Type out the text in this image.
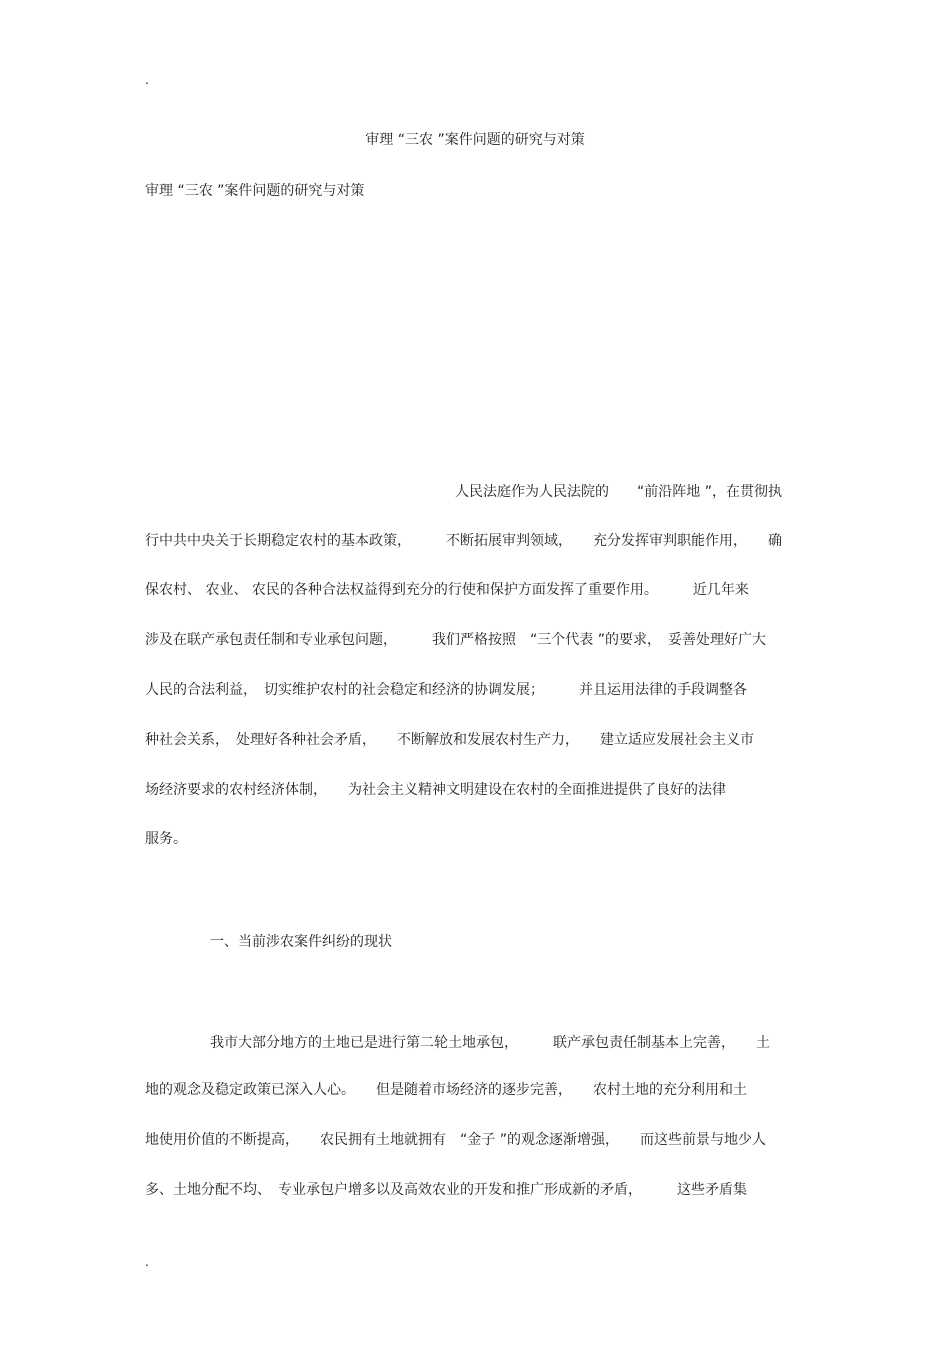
.
审理 “三农 ”案件问题的研究与对策
审理 “三农 ”案件问题的研究与对策
人民法庭作为人民法院的　　“前沿阵地 ”，在贯彻执
行中共中央关于长期稳定农村的基本政策，　　　不断拓展审判领域，　　充分发挥审判职能作用，　　确
保农村、 农业、 农民的各种合法权益得到充分的行使和保护方面发挥了重要作用。　　　近几年来
涉及在联产承包责任制和专业承包问题，　　　我们严格按照　“三个代表 ”的要求，　妥善处理好广大
人民的合法利益，　切实维护农村的社会稳定和经济的协调发展；　　　并且运用法律的手段调整各
种社会关系，　处理好各种社会矛盾，　　不断解放和发展农村生产力，　　建立适应发展社会主义市
场经济要求的农村经济体制，　　为社会主义精神文明建设在农村的全面推进提供了良好的法律
服务。
一、当前涉农案件纠纷的现状
我市大部分地方的土地已是进行第二轮土地承包，　　　联产承包责任制基本上完善，　　土
地的观念及稳定政策已深入人心。　　但是随着市场经济的逐步完善，　　农村土地的充分利用和土
地使用价值的不断提高，　　农民拥有土地就拥有　“金子 ”的观念逐渐增强，　　而这些前景与地少人
多、土地分配不均、　专业承包户增多以及高效农业的开发和推广形成新的矛盾，　　　这些矛盾集
.
